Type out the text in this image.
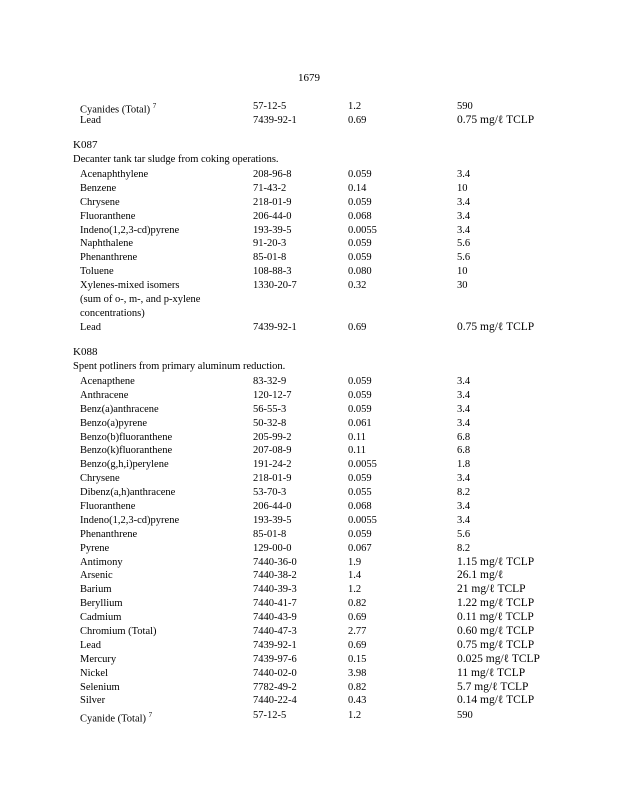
1679
Cyanides (Total) $^7$	57-12-5	1.2	590
Lead	7439-92-1	0.69	0.75 mg/ℓ TCLP
K087
Decanter tank tar sludge from coking operations.
Acenaphthylene	208-96-8	0.059	3.4
Benzene	71-43-2	0.14	10
Chrysene	218-01-9	0.059	3.4
Fluoranthene	206-44-0	0.068	3.4
Indeno(1,2,3-cd)pyrene	193-39-5	0.0055	3.4
Naphthalene	91-20-3	0.059	5.6
Phenanthrene	85-01-8	0.059	5.6
Toluene	108-88-3	0.080	10
Xylenes-mixed isomers
(sum of o-, m-, and p-xylene
concentrations)
1330-20-7	0.32	30
Lead	7439-92-1	0.69	0.75 mg/ℓ TCLP
K088
Spent potliners from primary aluminum reduction.
Acenapthene	83-32-9	0.059	3.4
Anthracene	120-12-7	0.059	3.4
Benz(a)anthracene	56-55-3	0.059	3.4
Benzo(a)pyrene	50-32-8	0.061	3.4
Benzo(b)fluoranthene	205-99-2	0.11	6.8
Benzo(k)fluoranthene	207-08-9	0.11	6.8
Benzo(g,h,i)perylene	191-24-2	0.0055	1.8
Chrysene	218-01-9	0.059	3.4
Dibenz(a,h)anthracene	53-70-3	0.055	8.2
Fluoranthene	206-44-0	0.068	3.4
Indeno(1,2,3-cd)pyrene	193-39-5	0.0055	3.4
Phenanthrene	85-01-8	0.059	5.6
Pyrene	129-00-0	0.067	8.2
Antimony	7440-36-0	1.9	1.15 mg/ℓ TCLP
Arsenic	7440-38-2	1.4	26.1 mg/ℓ
Barium	7440-39-3	1.2	21 mg/ℓ TCLP
Beryllium	7440-41-7	0.82	1.22 mg/ℓ TCLP
Cadmium	7440-43-9	0.69	0.11 mg/ℓ TCLP
Chromium (Total)	7440-47-3	2.77	0.60 mg/ℓ TCLP
Lead	7439-92-1	0.69	0.75 mg/ℓ TCLP
Mercury	7439-97-6	0.15	0.025 mg/ℓ TCLP
Nickel	7440-02-0	3.98	11 mg/ℓ TCLP
Selenium	7782-49-2	0.82	5.7 mg/ℓ TCLP
Silver	7440-22-4	0.43	0.14 mg/ℓ TCLP
Cyanide (Total) $^7$	57-12-5	1.2	590
